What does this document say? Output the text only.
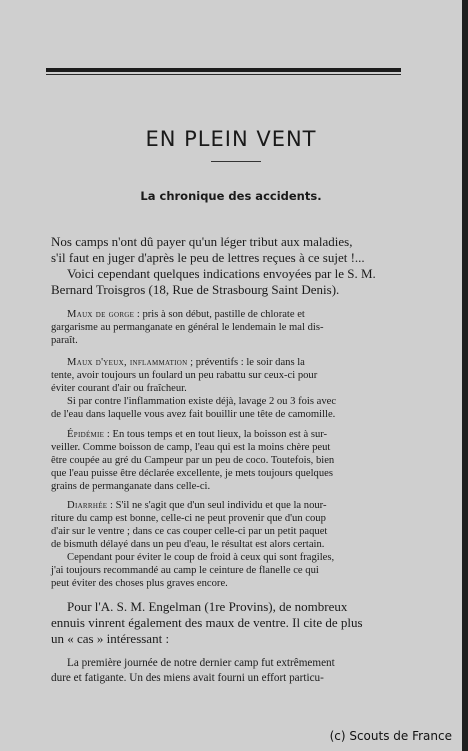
EN PLEIN VENT
La chronique des accidents.
Nos camps n'ont dû payer qu'un léger tribut aux maladies,
s'il faut en juger d'après le peu de lettres reçues à ce sujet !...
Voici cependant quelques indications envoyées par le S. M.
Bernard Troisgros (18, Rue de Strasbourg Saint Denis).
Maux de gorge : pris à son début, pastille de chlorate et
gargarisme au permanganate en général le lendemain le mal dis-
paraît.
Maux d'yeux, inflammation ; préventifs : le soir dans la
tente, avoir toujours un foulard un peu rabattu sur ceux-ci pour
éviter courant d'air ou fraîcheur.
Si par contre l'inflammation existe déjà, lavage 2 ou 3 fois avec
de l'eau dans laquelle vous avez fait bouillir une tête de camomille.
Épidémie : En tous temps et en tout lieux, la boisson est à sur-
veiller. Comme boisson de camp, l'eau qui est la moins chère peut
être coupée au gré du Campeur par un peu de coco. Toutefois, bien
que l'eau puisse être déclarée excellente, je mets toujours quelques
grains de permanganate dans celle-ci.
Diarrhée : S'il ne s'agit que d'un seul individu et que la nour-
riture du camp est bonne, celle-ci ne peut provenir que d'un coup
d'air sur le ventre ; dans ce cas couper celle-ci par un petit paquet
de bismuth délayé dans un peu d'eau, le résultat est alors certain.
Cependant pour éviter le coup de froid à ceux qui sont fragiles,
j'ai toujours recommandé au camp le ceinture de flanelle ce qui
peut éviter des choses plus graves encore.
Pour l'A. S. M. Engelman (1re Provins), de nombreux
ennuis vinrent également des maux de ventre. Il cite de plus
un « cas » intéressant :
La première journée de notre dernier camp fut extrêmement
dure et fatigante. Un des miens avait fourni un effort particu-
(c) Scouts de France
